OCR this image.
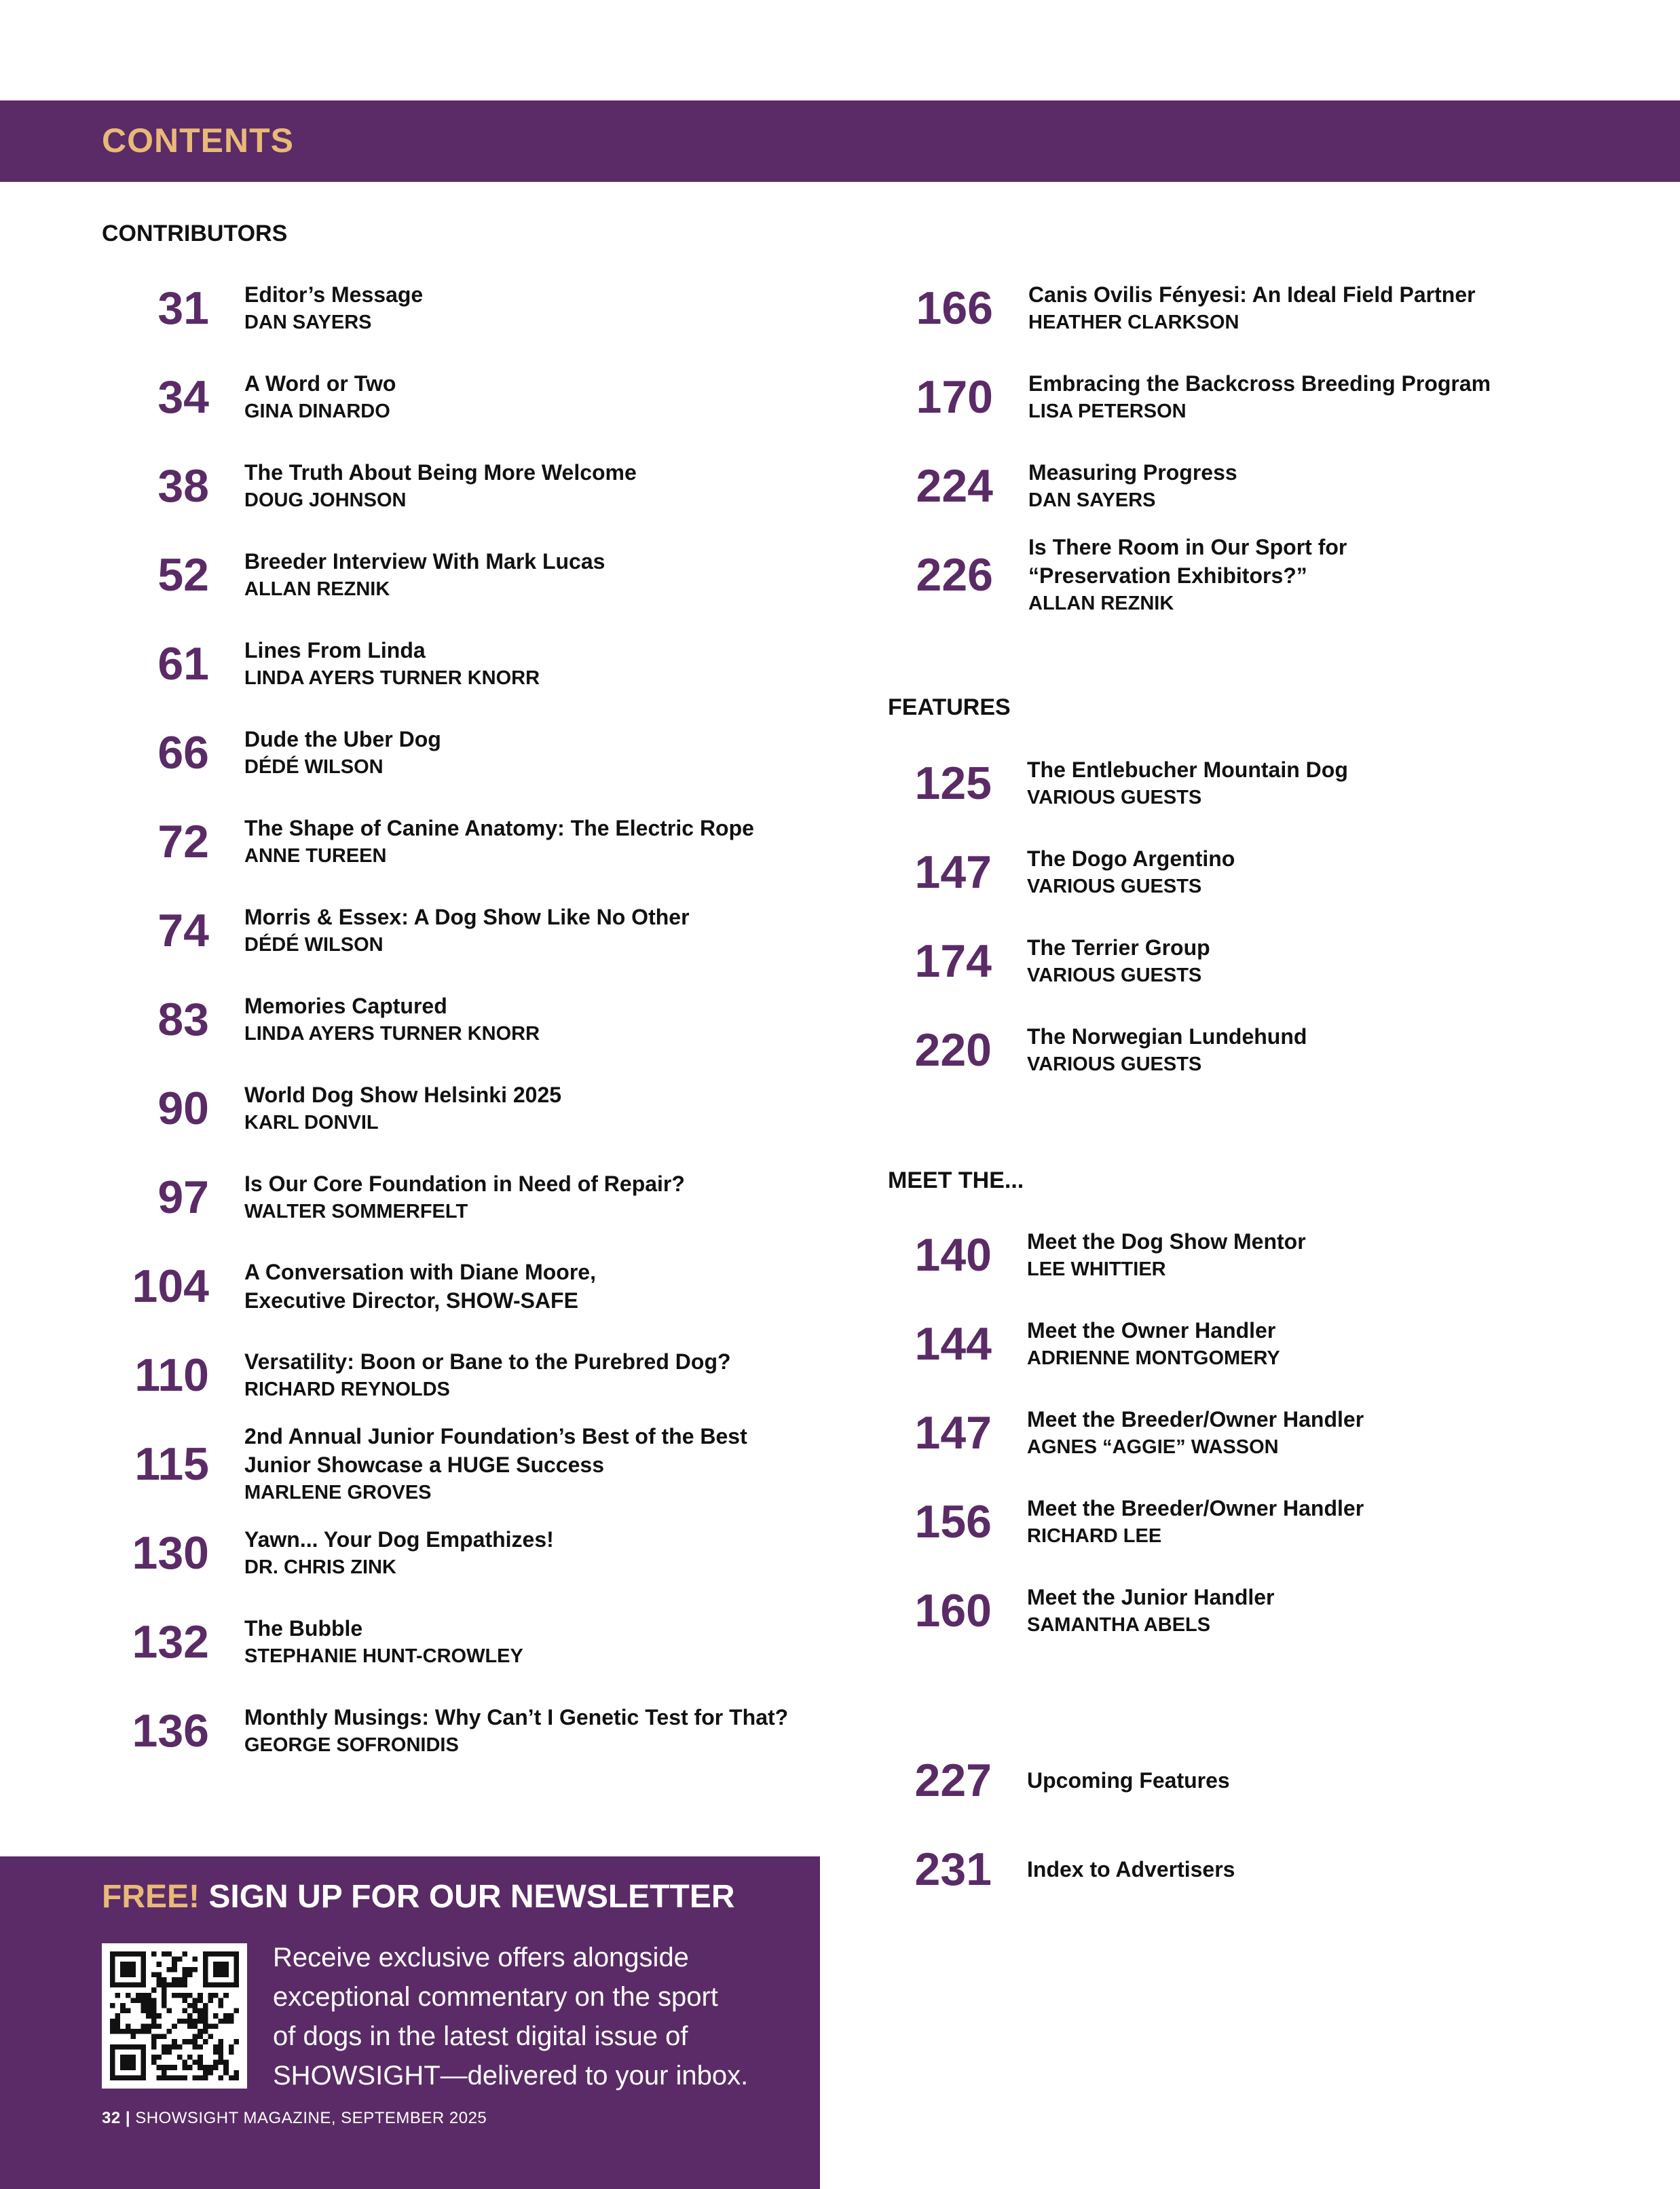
CONTENTS
CONTRIBUTORS
31 Editor’s Message
DAN SAYERS
34 A Word or Two
GINA DINARDO
38 The Truth About Being More Welcome
DOUG JOHNSON
52 Breeder Interview With Mark Lucas
ALLAN REZNIK
61 Lines From Linda
LINDA AYERS TURNER KNORR
66 Dude the Uber Dog
DÉDÉ WILSON
72 The Shape of Canine Anatomy: The Electric Rope
ANNE TUREEN
74 Morris & Essex: A Dog Show Like No Other
DÉDÉ WILSON
83 Memories Captured
LINDA AYERS TURNER KNORR
90 World Dog Show Helsinki 2025
KARL DONVIL
97 Is Our Core Foundation in Need of Repair?
WALTER SOMMERFELT
104 A Conversation with Diane Moore,
Executive Director, SHOW-SAFE
110 Versatility: Boon or Bane to the Purebred Dog?
RICHARD REYNOLDS
115
2nd Annual Junior Foundation’s Best of the Best
Junior Showcase a HUGE Success
MARLENE GROVES
130 Yawn... Your Dog Empathizes!
DR. CHRIS ZINK
132 The Bubble
STEPHANIE HUNT-CROWLEY
136 Monthly Musings: Why Can’t I Genetic Test for That?
GEORGE SOFRONIDIS
166 Canis Ovilis Fényesi: An Ideal Field Partner
HEATHER CLARKSON
170 Embracing the Backcross Breeding Program
LISA PETERSON
224 Measuring Progress
DAN SAYERS
226
Is There Room in Our Sport for
“Preservation Exhibitors?”
ALLAN REZNIK
FEATURES
125 The Entlebucher Mountain Dog
VARIOUS GUESTS
147 The Dogo Argentino
VARIOUS GUESTS
174 The Terrier Group
VARIOUS GUESTS
220 The Norwegian Lundehund
VARIOUS GUESTS
MEET THE...
140 Meet the Dog Show Mentor
LEE WHITTIER
144 Meet the Owner Handler
ADRIENNE MONTGOMERY
147 Meet the Breeder/Owner Handler
AGNES “AGGIE” WASSON
156 Meet the Breeder/Owner Handler
RICHARD LEE
160 Meet the Junior Handler
SAMANTHA ABELS
227 Upcoming Features
231 Index to Advertisers
FREE! SIGN UP FOR OUR NEWSLETTER

Receive exclusive offers alongside
exceptional commentary on the sport
of dogs in the latest digital issue of
SHOWSIGHT—delivered to your inbox.

32 | SHOWSIGHT MAGAZINE, SEPTEMBER 2025
